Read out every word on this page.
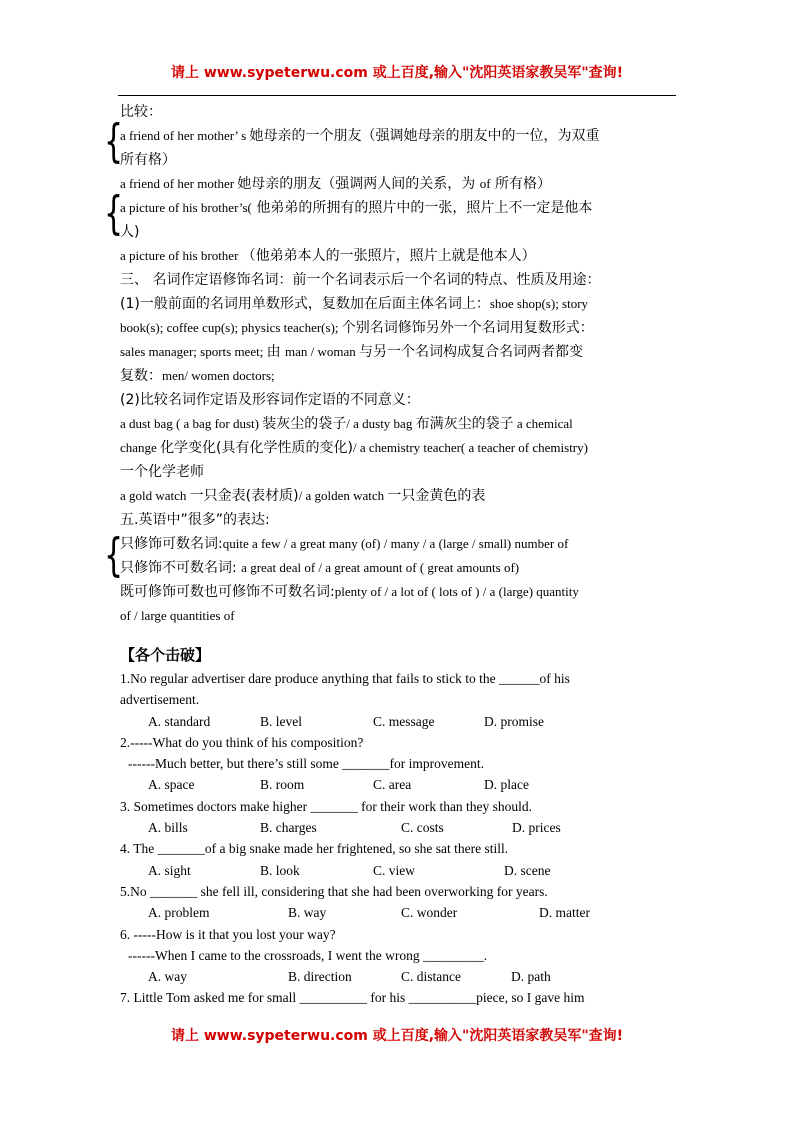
请上 www.sypeterwu.com 或上百度,输入"沈阳英语家教吴军"查询!
{
{
{

比较：

a friend of her mother’ s 她母亲的一个朋友（强调她母亲的朋友中的一位，为双重

所有格）

a friend of her mother 她母亲的朋友（强调两人间的关系，为 of 所有格）

a picture of his brother’s( 他弟弟的所拥有的照片中的一张，照片上不一定是他本

人)

a picture of his brother （他弟弟本人的一张照片，照片上就是他本人）

三、 名词作定语修饰名词：前一个名词表示后一个名词的特点、性质及用途：

(1)一般前面的名词用单数形式，复数加在后面主体名词上：shoe shop(s); story

book(s); coffee cup(s); physics teacher(s); 个别名词修饰另外一个名词用复数形式：

sales manager; sports meet; 由 man / woman 与另一个名词构成复合名词两者都变

复数：men/ women doctors;

(2)比较名词作定语及形容词作定语的不同意义：

a dust bag ( a bag for dust) 装灰尘的袋子/ a dusty bag 布满灰尘的袋子 a chemical

change 化学变化(具有化学性质的变化)/ a chemistry teacher( a teacher of chemistry)

一个化学老师

a gold watch 一只金表(表材质)/ a golden watch 一只金黄色的表

五.英语中”很多”的表达:

只修饰可数名词:quite a few / a great many (of) / many / a (large / small) number of

只修饰不可数名词: a great deal of / a great amount of ( great amounts of)

既可修饰可数也可修饰不可数名词:plenty of / a lot of ( lots of ) / a (large) quantity

of / large quantities of

【各个击破】

1.No regular advertiser dare produce anything that fails to stick to the ______of his

advertisement.

A. standard	B. level	C. message	D. promise

2.-----What do you think of his composition?

------Much better, but there’s still some _______for improvement.

A. space	B. room	C. area	D. place

3. Sometimes doctors make higher _______ for their work than they should.

A. bills	B. charges	C. costs	D. prices

4. The _______of a big snake made her frightened, so she sat there still.

A. sight	B. look	C. view	D. scene

5.No _______ she fell ill, considering that she had been overworking for years.

A. problem	B. way	C. wonder	D. matter

6. -----How is it that you lost your way?

------When I came to the crossroads, I went the wrong _________.

A. way	B. direction	C. distance	D. path

7. Little Tom asked me for small __________ for his __________piece, so I gave him

请上 www.sypeterwu.com 或上百度,输入"沈阳英语家教吴军"查询!
